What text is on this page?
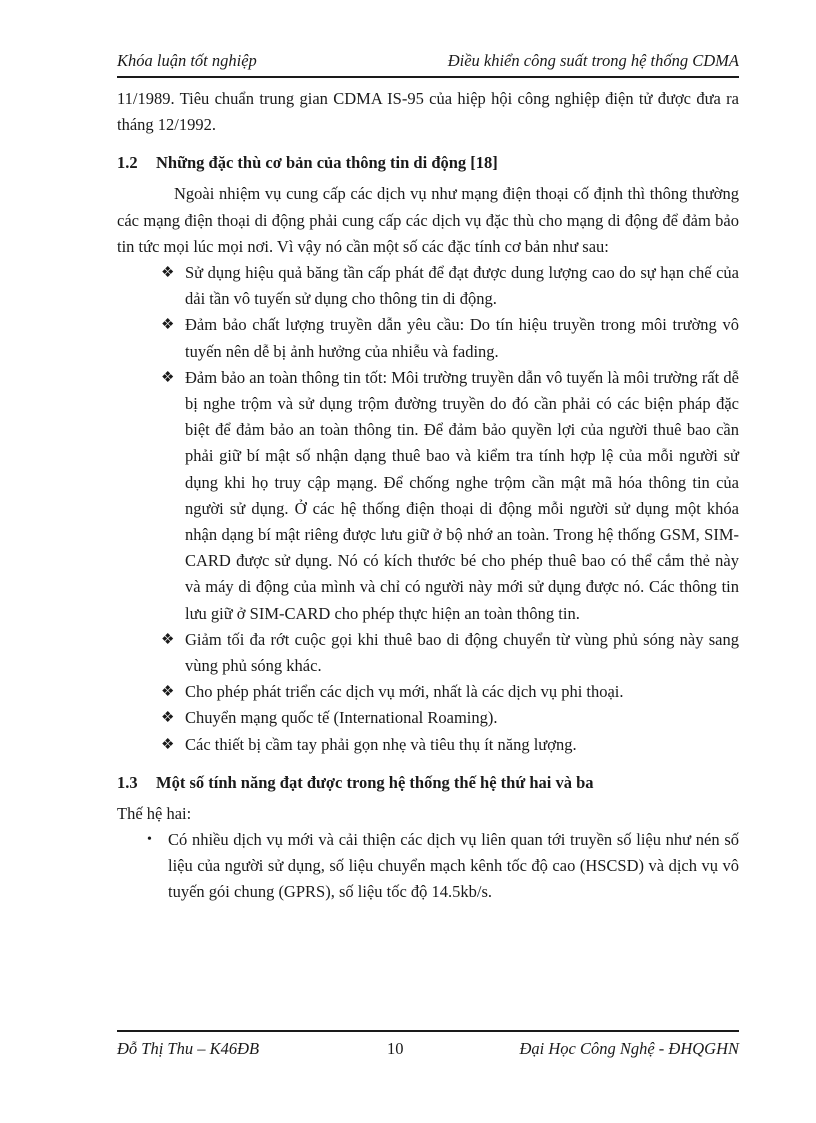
Khóa luận tốt nghiệp	Điều khiển công suất trong hệ thống CDMA

11/1989. Tiêu chuẩn trung gian CDMA IS-95 của hiệp hội công nghiệp điện tử được đưa ra tháng 12/1992.

1.2 Những đặc thù cơ bản của thông tin di động [18]

Ngoài nhiệm vụ cung cấp các dịch vụ như mạng điện thoại cố định thì thông thường các mạng điện thoại di động phải cung cấp các dịch vụ đặc thù cho mạng di động để đảm bảo tin tức mọi lúc mọi nơi. Vì vậy nó cần một số các đặc tính cơ bản như sau:

❖ Sử dụng hiệu quả băng tần cấp phát để đạt được dung lượng cao do sự hạn chế của dải tần vô tuyến sử dụng cho thông tin di động.
❖ Đảm bảo chất lượng truyền dẫn yêu cầu: Do tín hiệu truyền trong môi trường vô tuyến nên dễ bị ảnh hưởng của nhiễu và fading.
❖ Đảm bảo an toàn thông tin tốt: Môi trường truyền dẫn vô tuyến là môi trường rất dễ bị nghe trộm và sử dụng trộm đường truyền do đó cần phải có các biện pháp đặc biệt để đảm bảo an toàn thông tin. Để đảm bảo quyền lợi của người thuê bao cần phải giữ bí mật số nhận dạng thuê bao và kiểm tra tính hợp lệ của mỗi người sử dụng khi họ truy cập mạng. Để chống nghe trộm cần mật mã hóa thông tin của người sử dụng. Ở các hệ thống điện thoại di động mỗi người sử dụng một khóa nhận dạng bí mật riêng được lưu giữ ở bộ nhớ an toàn. Trong hệ thống GSM, SIM-CARD được sử dụng. Nó có kích thước bé cho phép thuê bao có thể cắm thẻ này và máy di động của mình và chỉ có người này mới sử dụng được nó. Các thông tin lưu giữ ở SIM-CARD cho phép thực hiện an toàn thông tin.
❖ Giảm tối đa rớt cuộc gọi khi thuê bao di động chuyển từ vùng phủ sóng này sang vùng phủ sóng khác.
❖ Cho phép phát triển các dịch vụ mới, nhất là các dịch vụ phi thoại.
❖ Chuyển mạng quốc tế (International Roaming).
❖ Các thiết bị cầm tay phải gọn nhẹ và tiêu thụ ít năng lượng.
1.3 Một số tính năng đạt được trong hệ thống thế hệ thứ hai và ba

Thế hệ hai:

• Có nhiều dịch vụ mới và cải thiện các dịch vụ liên quan tới truyền số liệu như nén số liệu của người sử dụng, số liệu chuyển mạch kênh tốc độ cao (HSCSD) và dịch vụ vô tuyến gói chung (GPRS), số liệu tốc độ 14.5kb/s.
Đỗ Thị Thu – K46ĐB	10	Đại Học Công Nghệ - ĐHQGHN
